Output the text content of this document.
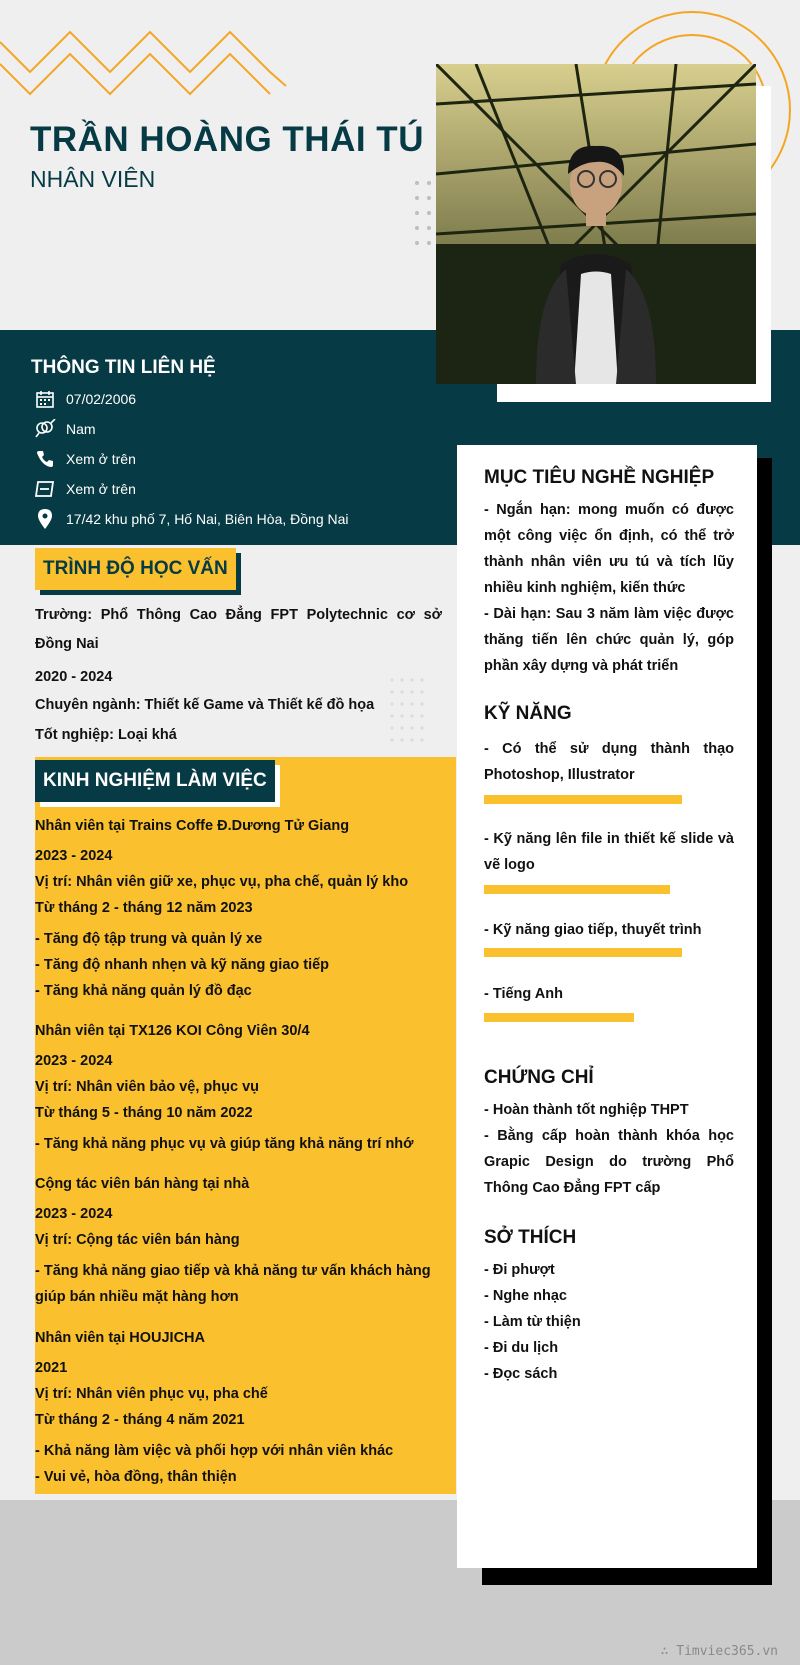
TRẦN HOÀNG THÁI TÚ
NHÂN VIÊN
THÔNG TIN LIÊN HỆ
07/02/2006
Nam
Xem ở trên
Xem ở trên
17/42 khu phố 7, Hố Nai, Biên Hòa, Đồng Nai
TRÌNH ĐỘ HỌC VẤN
Trường: Phổ Thông Cao Đẳng FPT Polytechnic cơ sở Đồng Nai
2020 - 2024
Chuyên ngành: Thiết kế Game và Thiết kế đồ họa
Tốt nghiệp: Loại khá
KINH NGHIỆM LÀM VIỆC
Nhân viên tại Trains Coffe Đ.Dương Tử Giang
2023 - 2024
Vị trí: Nhân viên giữ xe, phục vụ, pha chế, quản lý kho
Từ tháng 2 - tháng 12 năm 2023
- Tăng độ tập trung và quản lý xe
- Tăng độ nhanh nhẹn và kỹ năng giao tiếp
- Tăng khả năng quản lý đồ đạc
Nhân viên tại TX126 KOI Công Viên 30/4
2023 - 2024
Vị trí: Nhân viên bảo vệ, phục vụ
Từ tháng 5 - tháng 10 năm 2022
- Tăng khả năng phục vụ và giúp tăng khả năng trí nhớ
Cộng tác viên bán hàng tại nhà
2023 - 2024
Vị trí: Cộng tác viên bán hàng
- Tăng khả năng giao tiếp và khả năng tư vấn khách hàng giúp bán nhiều mặt hàng hơn
Nhân viên tại HOUJICHA
2021
Vị trí: Nhân viên phục vụ, pha chế
Từ tháng 2 - tháng 4 năm 2021
- Khả năng làm việc và phối hợp với nhân viên khác
- Vui vẻ, hòa đồng, thân thiện
MỤC TIÊU NGHỀ NGHIỆP

- Ngắn hạn: mong muốn có được một công việc ổn định, có thể trở thành nhân viên ưu tú và tích lũy nhiều kinh nghiệm, kiến thức

- Dài hạn: Sau 3 năm làm việc được thăng tiến lên chức quản lý, góp phần xây dựng và phát triển

KỸ NĂNG

- Có thể sử dụng thành thạo Photoshop, Illustrator

- Kỹ năng lên file in thiết kế slide và vẽ logo

- Kỹ năng giao tiếp, thuyết trình

- Tiếng Anh

CHỨNG CHỈ

- Hoàn thành tốt nghiệp THPT

- Bằng cấp hoàn thành khóa học Grapic Design do trường Phổ Thông Cao Đẳng FPT cấp

SỞ THÍCH

- Đi phượt

- Nghe nhạc

- Làm từ thiện

- Đi du lịch

- Đọc sách

∴ Timviec365.vn
